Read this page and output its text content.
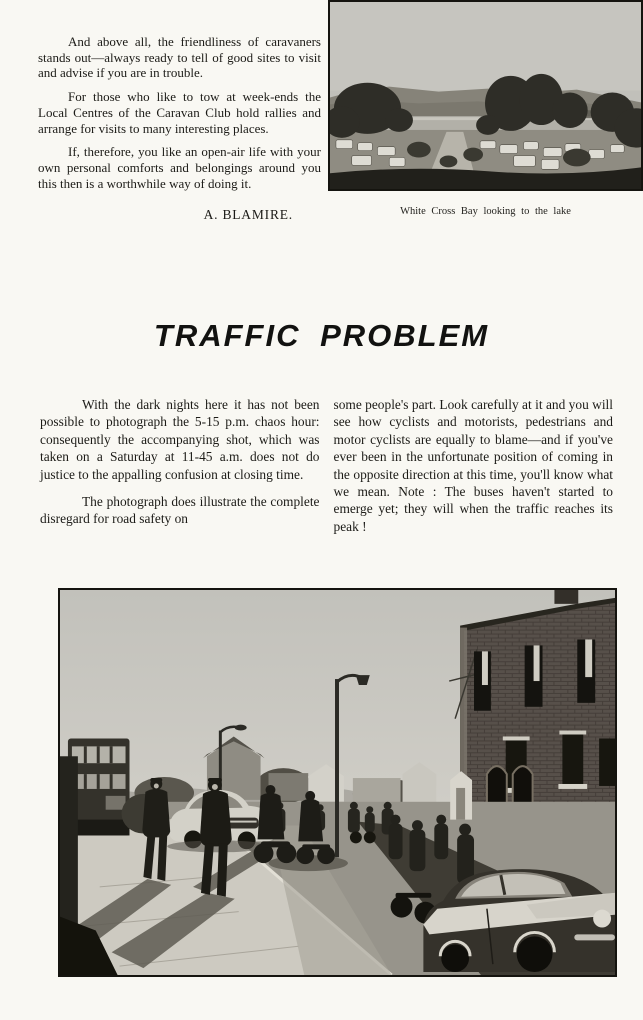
And above all, the friendliness of caravaners stands out—always ready to tell of good sites to visit and advise if you are in trouble.

For those who like to tow at week-ends the Local Centres of the Caravan Club hold rallies and arrange for visits to many interesting places.

If, therefore, you like an open-air life with your own personal comforts and belongings around you this then is a worthwhile way of doing it.

A. BLAMIRE.	White Cross Bay looking to the lake
TRAFFIC PROBLEM

With the dark nights here it has not been possible to photograph the 5-15 p.m. chaos hour: consequently the accompanying shot, which was taken on a Saturday at 11-45 a.m. does not do justice to the appalling confusion at closing time.

The photograph does illustrate the complete disregard for road safety on

some people's part. Look carefully at it and you will see how cyclists and motorists, pedestrians and motor cyclists are equally to blame—and if you've ever been in the unfortunate position of coming in the opposite direction at this time, you'll know what we mean. Note : The buses haven't started to emerge yet; they will when the traffic reaches its peak !
